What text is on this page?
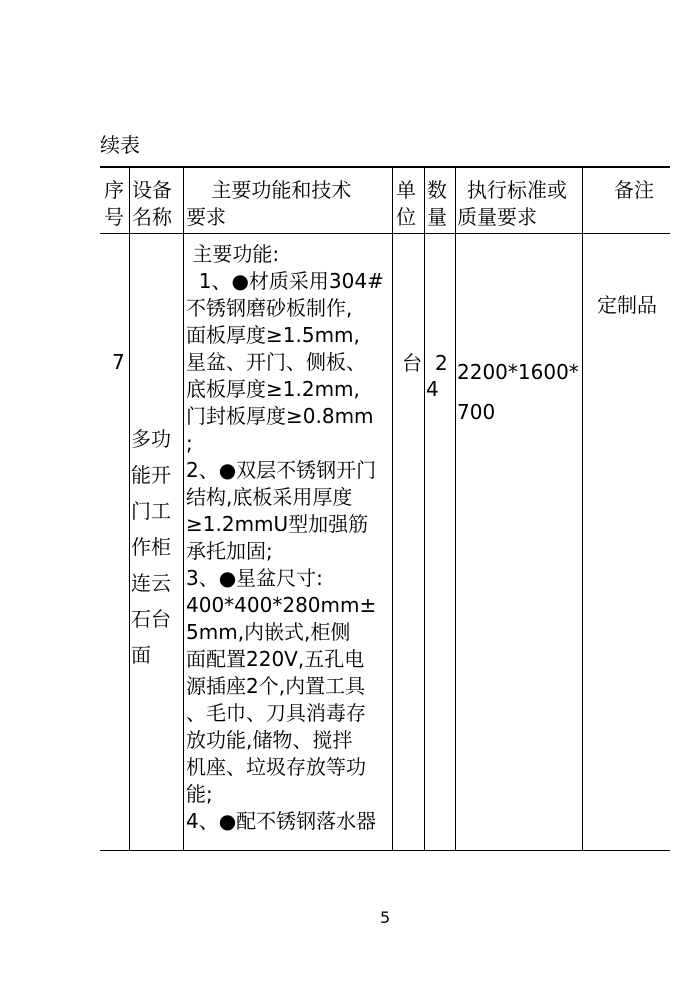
续表
序
号
设备
名称
主要功能和技术
要求
单
位
数
量
执行标准或
质量要求
备注
7
多功
能开
门工
作柜
连云
石台
面
主要功能:
1、●材质采用304#
不锈钢磨砂板制作,
面板厚度≥1.5mm,
星盆、开门、侧板、
底板厚度≥1.2mm,
门封板厚度≥0.8mm
;
2、●双层不锈钢开门
结构,底板采用厚度
≥1.2mmU型加强筋
承托加固;
3、●星盆尺寸:
400*400*280mm±
5mm,内嵌式,柜侧
面配置220V,五孔电
源插座2个,内置工具
、毛巾、刀具消毒存
放功能,储物、搅拌
机座、垃圾存放等功
能;
4、●配不锈钢落水器
台 2
4
2200*1600*
700
定制品
5
